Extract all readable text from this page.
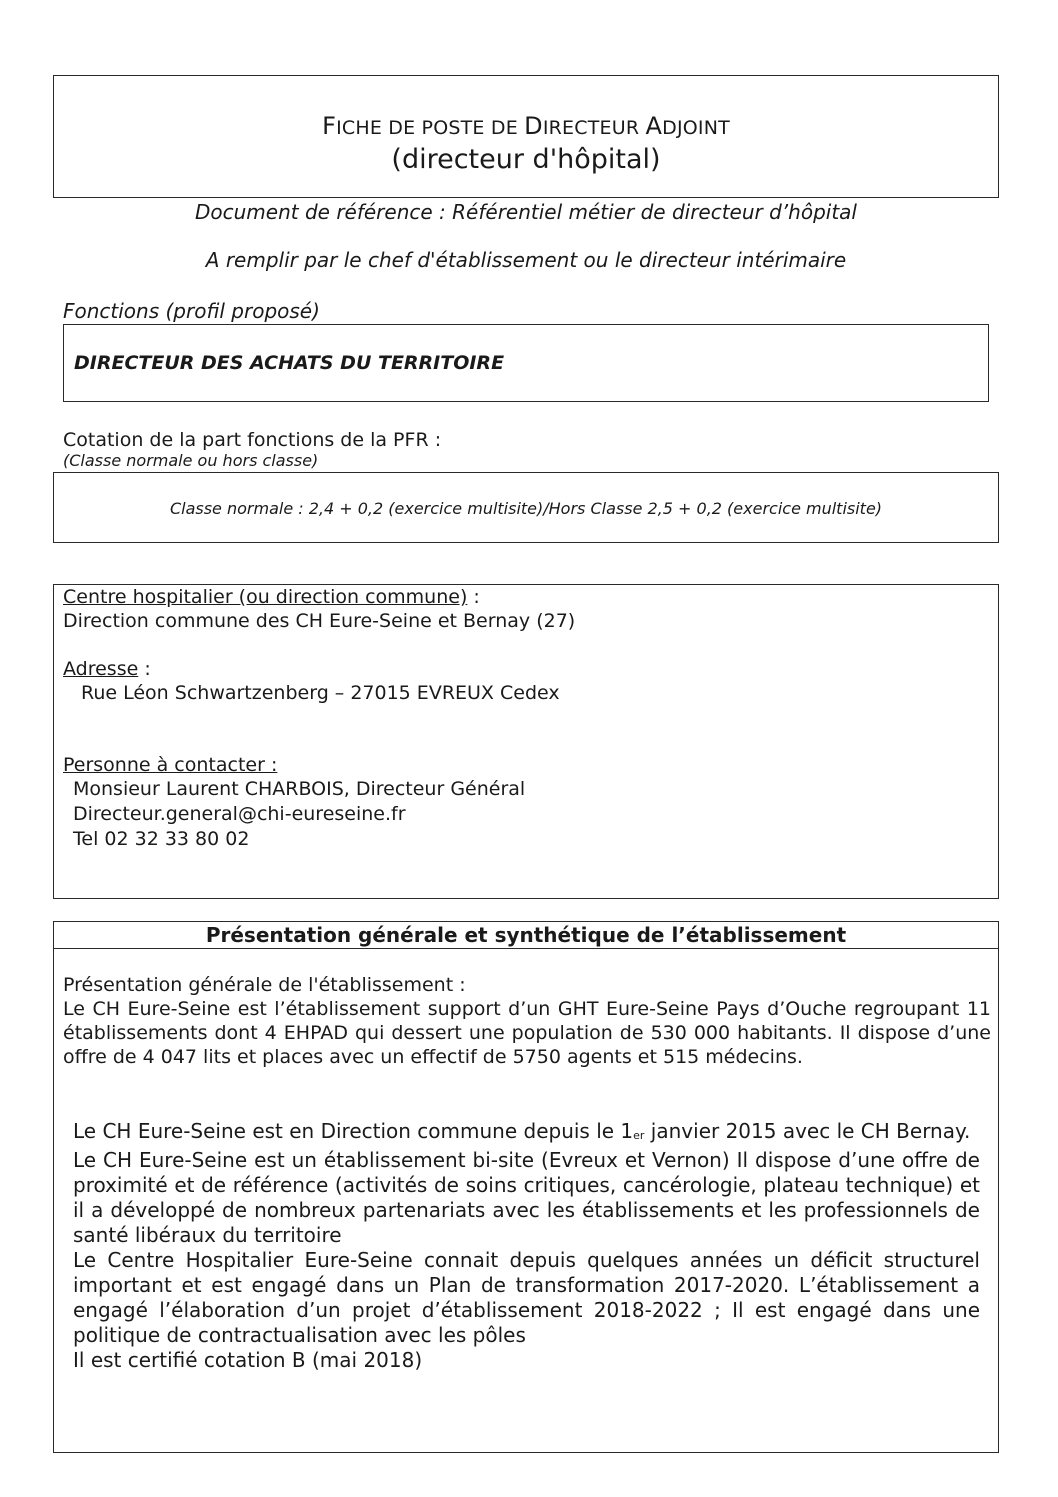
FICHE DE POSTE DE DIRECTEUR ADJOINT
(directeur d'hôpital)
Document de référence : Référentiel métier de directeur d’hôpital
A remplir par le chef d'établissement ou le directeur intérimaire
Fonctions (profil proposé)
DIRECTEUR DES ACHATS DU TERRITOIRE
Cotation de la part fonctions de la PFR :
(Classe normale ou hors classe)
Classe normale : 2,4 + 0,2 (exercice multisite)/Hors Classe 2,5 + 0,2 (exercice multisite)
Centre hospitalier (ou direction commune) :
Direction commune des CH Eure-Seine et Bernay (27)
Adresse :
Rue Léon Schwartzenberg – 27015 EVREUX Cedex
Personne à contacter :
Monsieur Laurent CHARBOIS, Directeur Général
Directeur.general@chi-eureseine.fr
Tel 02 32 33 80 02
Présentation générale et synthétique de l’établissement
Présentation générale de l'établissement :

Le CH Eure-Seine est l’établissement support d’un GHT Eure-Seine Pays d’Ouche regroupant 11 établissements dont 4 EHPAD qui dessert une population de 530 000 habitants. Il dispose d’une offre de 4 047 lits et places avec un effectif de 5750 agents et 515 médecins.

Le CH Eure-Seine est en Direction commune depuis le $1_{er}$ janvier 2015 avec le CH Bernay.

Le CH Eure-Seine est un établissement bi-site (Evreux et Vernon) Il dispose d’une offre de proximité et de référence (activités de soins critiques, cancérologie, plateau technique) et il a développé de nombreux partenariats avec les établissements et les professionnels de santé libéraux du territoire

Le Centre Hospitalier Eure-Seine connait depuis quelques années un déficit structurel important et est engagé dans un Plan de transformation 2017-2020. L’établissement a engagé l’élaboration d’un projet d’établissement 2018-2022 ; Il est engagé dans une politique de contractualisation avec les pôles

Il est certifié cotation B (mai 2018)
